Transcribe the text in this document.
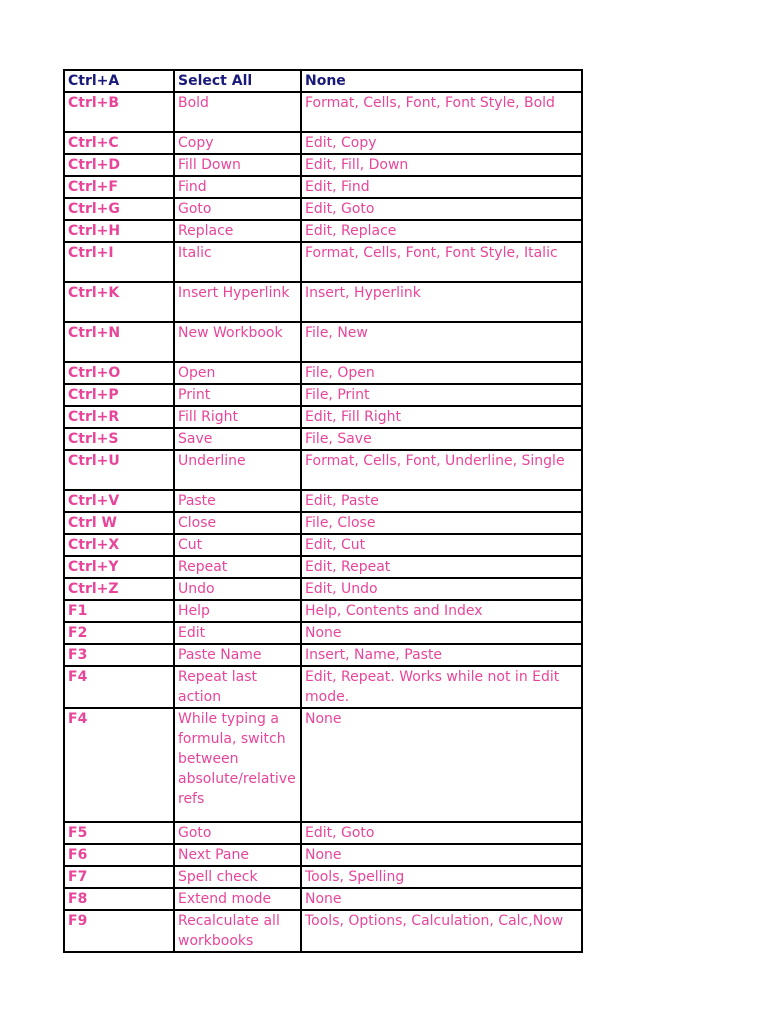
Ctrl+A	Select All	None
Ctrl+B	Bold	Format, Cells, Font, Font Style, Bold
Ctrl+C	Copy	Edit, Copy
Ctrl+D	Fill Down	Edit, Fill, Down
Ctrl+F	Find	Edit, Find
Ctrl+G	Goto	Edit, Goto
Ctrl+H	Replace	Edit, Replace
Ctrl+I	Italic	Format, Cells, Font, Font Style, Italic
Ctrl+K	Insert Hyperlink	Insert, Hyperlink
Ctrl+N	New Workbook	File, New
Ctrl+O	Open	File, Open
Ctrl+P	Print	File, Print
Ctrl+R	Fill Right	Edit, Fill Right
Ctrl+S	Save	File, Save
Ctrl+U	Underline	Format, Cells, Font, Underline, Single
Ctrl+V	Paste	Edit, Paste
Ctrl W	Close	File, Close
Ctrl+X	Cut	Edit, Cut
Ctrl+Y	Repeat	Edit, Repeat
Ctrl+Z	Undo	Edit, Undo
F1	Help	Help, Contents and Index
F2	Edit	None
F3	Paste Name	Insert, Name, Paste
F4	Repeat last action	Edit, Repeat. Works while not in Edit mode.
F4	While typing a formula, switch between absolute/relative refs	None
F5	Goto	Edit, Goto
F6	Next Pane	None
F7	Spell check	Tools, Spelling
F8	Extend mode	None
F9	Recalculate all workbooks	Tools, Options, Calculation, Calc,Now
